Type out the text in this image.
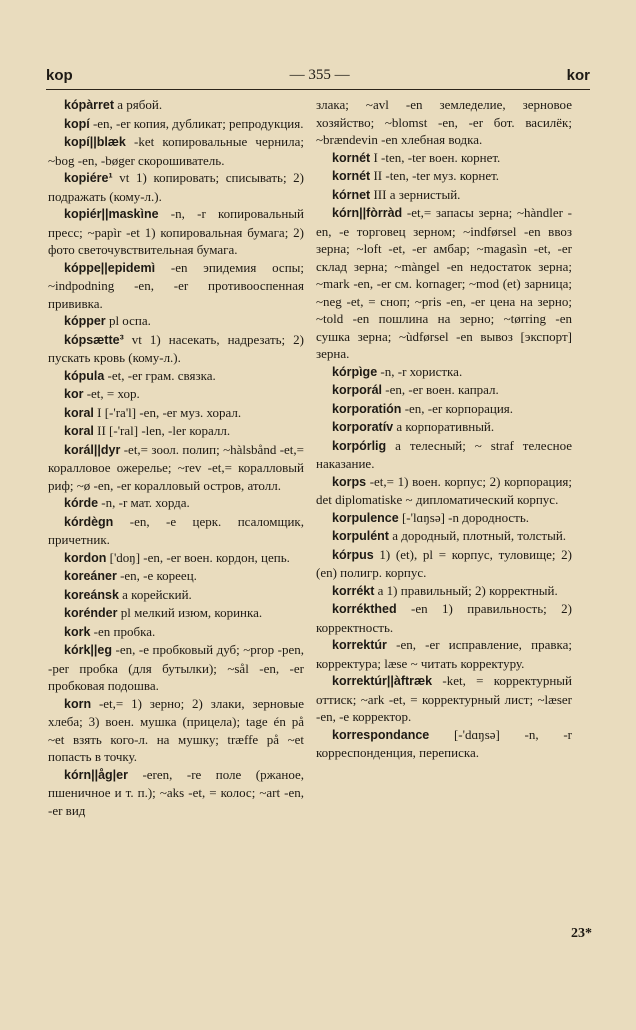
kop	— 355 —	kor

kópàrret a рябой.

kopí -en, -er копия, дубликат; репродукция.

kopí||blæk -ket копировальные чернила; ~bog -en, -bøger скорошиватель.

kopiére¹ vt 1) копировать; списывать; 2) подражать (кому-л.).

kopiér||maskìne -n, -r копировальный пресс; ~papìr -et 1) копировальная бумага; 2) фото светочувствительная бумага.

kóppe||epidemì -en эпидемия оспы; ~indpodning -en, -er противооспенная прививка.

kópper pl оспа.

kópsætte³ vt 1) насекать, надрезать; 2) пускать кровь (кому-л.).

kópula -et, -er грам. связка.

kor -et, = хор.

koral I [-'ra'l] -en, -er муз. хорал.

koral II [-'ral] -len, -ler коралл.

korál||dyr -et,= зоол. полип; ~hàlsbånd -et,= коралловое ожерелье; ~rev -et,= коралловый риф; ~ø -en, -er коралловый остров, атолл.

kórde -n, -r мат. хорда.

kórdègn -en, -e церк. псаломщик, причетник.

kordon ['doŋ] -en, -er воен. кордон, цепь.

koreáner -en, -e кореец.

koreánsk a корейский.

korénder pl мелкий изюм, коринка.

kork -en пробка.

kórk||eg -en, -e пробковый дуб; ~prop -pen, -per пробка (для бутылки); ~sål -en, -er пробковая подошва.

korn -et,= 1) зерно; 2) злаки, зерновые хлеба; 3) воен. мушка (прицела); tage én på ~et взять кого-л. на мушку; træffe på ~et попасть в точку.

kórn||åg|er -eren, -re поле (ржаное, пшеничное и т. п.); ~aks -et, = колос; ~art -en, -er вид

злака; ~avl -en земледелие, зерновое хозяйство; ~blomst -en, -er бот. василёк; ~brændevin -en хлебная водка.

kornét I -ten, -ter воен. корнет.

kornét II -ten, -ter муз. корнет.

kórnet III a зернистый.

kórn||fòrràd -et,= запасы зерна; ~hàndler -en, -e торговец зерном; ~indførsel -en ввоз зерна; ~loft -et, -er амбар; ~magasìn -et, -er склад зерна; ~màngel -en недостаток зерна; ~mark -en, -er см. kornager; ~mod (et) зарница; ~neg -et, = сноп; ~pris -en, -er цена на зерно; ~told -en пошлина на зерно; ~tørring -en сушка зерна; ~ùdførsel -en вывоз [экспорт] зерна.

kórpìge -n, -r хористка.

korporál -en, -er воен. капрал.

korporatión -en, -er корпорация.

korporatív a корпоративный.

korpórlig a телесный; ~ straf телесное наказание.

korps -et,= 1) воен. корпус; 2) корпорация; det diplomatiske ~ дипломатический корпус.

korpulence [-'lɑŋsə] -n дородность.

korpulént a дородный, плотный, толстый.

kórpus 1) (et), pl = корпус, туловище; 2) (en) полигр. корпус.

korrékt a 1) правильный; 2) корректный.

korrékthed -en 1) правильность; 2) корректность.

korrektúr -en, -er исправление, правка; корректура; læse ~ читать корректуру.

korrektúr||àftræk -ket, = корректурный оттиск; ~ark -et, = корректурный лист; ~læser -en, -e корректор.

korrespondance [-'dɑŋsə] -n, -r корреспонденция, переписка.

23*
